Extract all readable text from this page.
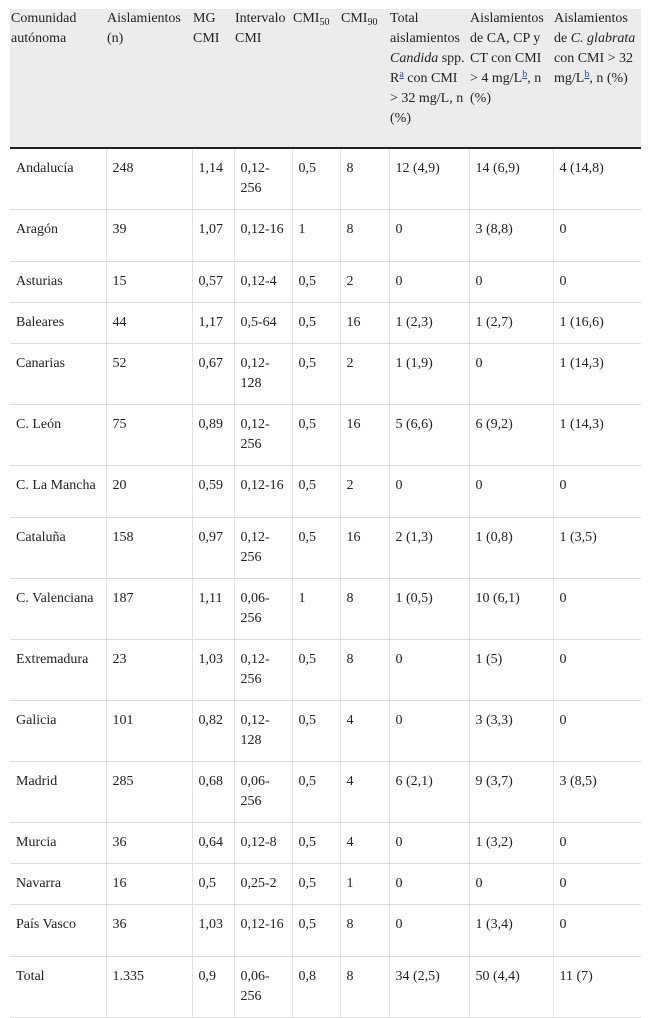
Comunidad autónoma	Aislamientos (n)	MG CMI	Intervalo CMI	$CMI_{50}$	$CMI_{90}$	Total aislamientos Candida spp. $R^a$ con CMI > 32 mg/L, n (%)	Aislamientos de CA, CP y CT con CMI > 4 $mg/L^b$, n (%)	Aislamientos de C. glabrata con CMI > 32 $mg/L^b$, n (%)
Andalucía	248	1,14	0,12-256	0,5	8	12 (4,9)	14 (6,9)	4 (14,8)
Aragón	39	1,07	0,12-16	1	8	0	3 (8,8)	0
Asturias	15	0,57	0,12-4	0,5	2	0	0	0
Baleares	44	1,17	0,5-64	0,5	16	1 (2,3)	1 (2,7)	1 (16,6)
Canarias	52	0,67	0,12-128	0,5	2	1 (1,9)	0	1 (14,3)
C. León	75	0,89	0,12-256	0,5	16	5 (6,6)	6 (9,2)	1 (14,3)
C. La Mancha	20	0,59	0,12-16	0,5	2	0	0	0
Cataluña	158	0,97	0,12-256	0,5	16	2 (1,3)	1 (0,8)	1 (3,5)
C. Valenciana	187	1,11	0,06-256	1	8	1 (0,5)	10 (6,1)	0
Extremadura	23	1,03	0,12-256	0,5	8	0	1 (5)	0
Galicia	101	0,82	0,12-128	0,5	4	0	3 (3,3)	0
Madrid	285	0,68	0,06-256	0,5	4	6 (2,1)	9 (3,7)	3 (8,5)
Murcia	36	0,64	0,12-8	0,5	4	0	1 (3,2)	0
Navarra	16	0,5	0,25-2	0,5	1	0	0	0
País Vasco	36	1,03	0,12-16	0,5	8	0	1 (3,4)	0
Total	1.335	0,9	0,06-256	0,8	8	34 (2,5)	50 (4,4)	11 (7)
